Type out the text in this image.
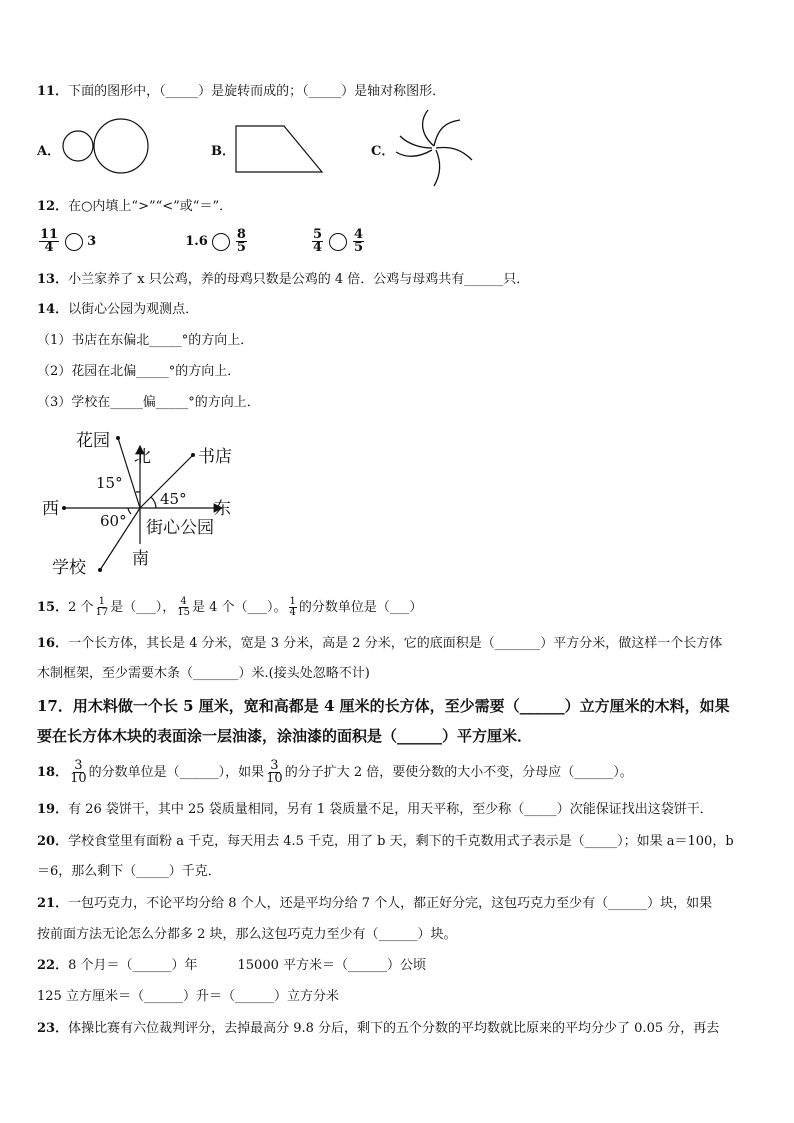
11．下面的图形中，（_____）是旋转而成的；（_____）是轴对称图形．
A．	B．	C．
12．在○内填上“>”“<”或“＝”．
$\frac{11}{4} 3$	$1.6 \frac{8}{5}$
	$\frac{5}{4} \frac{4}{5}$
13．小兰家养了 x 只公鸡，养的母鸡只数是公鸡的 4 倍．公鸡与母鸡共有______只．
14．以街心公园为观测点．
（1）书店在东偏北_____°的方向上．
（2）花园在北偏_____°的方向上．
（3）学校在_____偏_____°的方向上．
花园
北	书店
15°
45°
西	东
60° 街心公园
学校	南
15．2 个 $\frac{1}{17}$ 是（___）， $\frac{4}{15}$ 是 4 个（___）。 $\frac{1}{4}$ 的分数单位是（___）
16．一个长方体，其长是 4 分米，宽是 3 分米，高是 2 分米，它的底面积是（_______）平方分米，做这样一个长方体
木制框架，至少需要木条（_______）米.(接头处忽略不计)
17．用木料做一个长 5 厘米，宽和高都是 4 厘米的长方体，至少需要（______）立方厘米的木料，如果
要在长方体木块的表面涂一层油漆，涂油漆的面积是（______）平方厘米．
18． $\frac{3}{10}$ 的分数单位是（______），如果 $\frac{3}{10}$ 的分子扩大 2 倍，要使分数的大小不变，分母应（______）。
19．有 26 袋饼干，其中 25 袋质量相同，另有 1 袋质量不足，用天平称，至少称（_____）次能保证找出这袋饼干．
20．学校食堂里有面粉 a 千克，每天用去 4.5 千克，用了 b 天，剩下的千克数用式子表示是（_____）；如果 a＝100，b
＝6，那么剩下（_____）千克．
21．一包巧克力，不论平均分给 8 个人，还是平均分给 7 个人，都正好分完，这包巧克力至少有（______）块，如果
按前面方法无论怎么分都多 2 块，那么这包巧克力至少有（______）块。
22．8 个月＝（______）年	15000 平方米＝（______）公顷
125 立方厘米＝（______）升＝（______）立方分米
23．体操比赛有六位裁判评分，去掉最高分 9.8 分后，剩下的五个分数的平均数就比原来的平均分少了 0.05 分，再去
